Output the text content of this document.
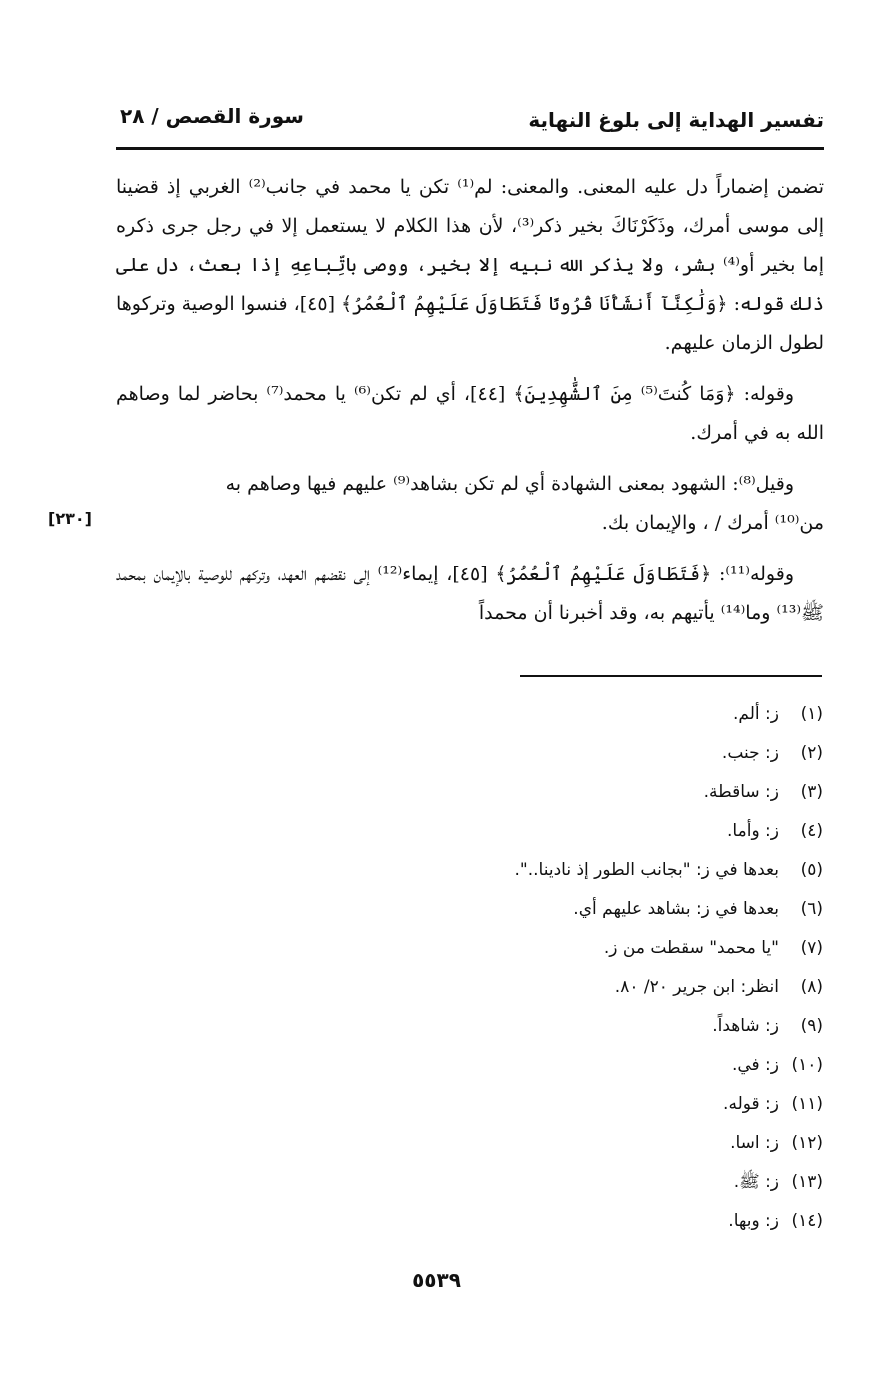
تفسير الهداية إلى بلوغ النهاية
سورة القصص / ٢٨

تضمن إضماراً دل عليه المعنى. والمعنى: لم⁽¹⁾ تكن يا محمد في جانب⁽²⁾ الغربي إذ قضينا إلى موسى أمرك، وذَكَرْنَاكَ بخير ذكر⁽³⁾، لأن هذا الكلام لا يستعمل إلا في رجل جرى ذكره إما بخير أو⁽⁴⁾ بشر، ولا يذكر الله نبيه إلا بخير، ووصى باتِّباعِهِ إذا بعث، دل على ذلك قوله: ﴿وَلَٰكِنَّآ أَنشَأْنَا قُرُونًا فَتَطَاوَلَ عَلَيْهِمُ ٱلْعُمُرُ﴾ [٤٥]، فنسوا الوصية وتركوها لطول الزمان عليهم.

وقوله: ﴿وَمَا كُنتَ⁽⁵⁾ مِنَ ٱلشَّٰهِدِينَ﴾ [٤٤]، أي لم تكن⁽⁶⁾ يا محمد⁽⁷⁾ بحاضر لما وصاهم الله به في أمرك.

وقيل⁽⁸⁾: الشهود بمعنى الشهادة أي لم تكن بشاهد⁽⁹⁾ عليهم فيها وصاهم به

من⁽¹⁰⁾ أمرك / ، والإيمان بك.

وقوله⁽¹¹⁾: ﴿فَتَطَاوَلَ عَلَيْهِمُ ٱلْعُمُرُ﴾ [٤٥]، إيماء⁽¹²⁾ إلى نقضهم العهد، وتركهم للوصية بالإيمان بمحمد ﷺ⁽¹³⁾ وما⁽¹⁴⁾ يأتيهم به، وقد أخبرنا أن محمداً

[٢٣٠]
(١)ز: ألم.
(٢)ز: جنب.
(٣)ز: ساقطة.
(٤)ز: وأما.
(٥)بعدها في ز: "بجانب الطور إذ نادينا..".
(٦)بعدها في ز: بشاهد عليهم أي.
(٧)"يا محمد" سقطت من ز.
(٨)انظر: ابن جرير ٢٠/ ٨٠.
(٩)ز: شاهداً.
(١٠)ز: في.
(١١)ز: قوله.
(١٢)ز: اسا.
(١٣)ز: ﷺ.
(١٤)ز: وبها.
٥٥٣٩
